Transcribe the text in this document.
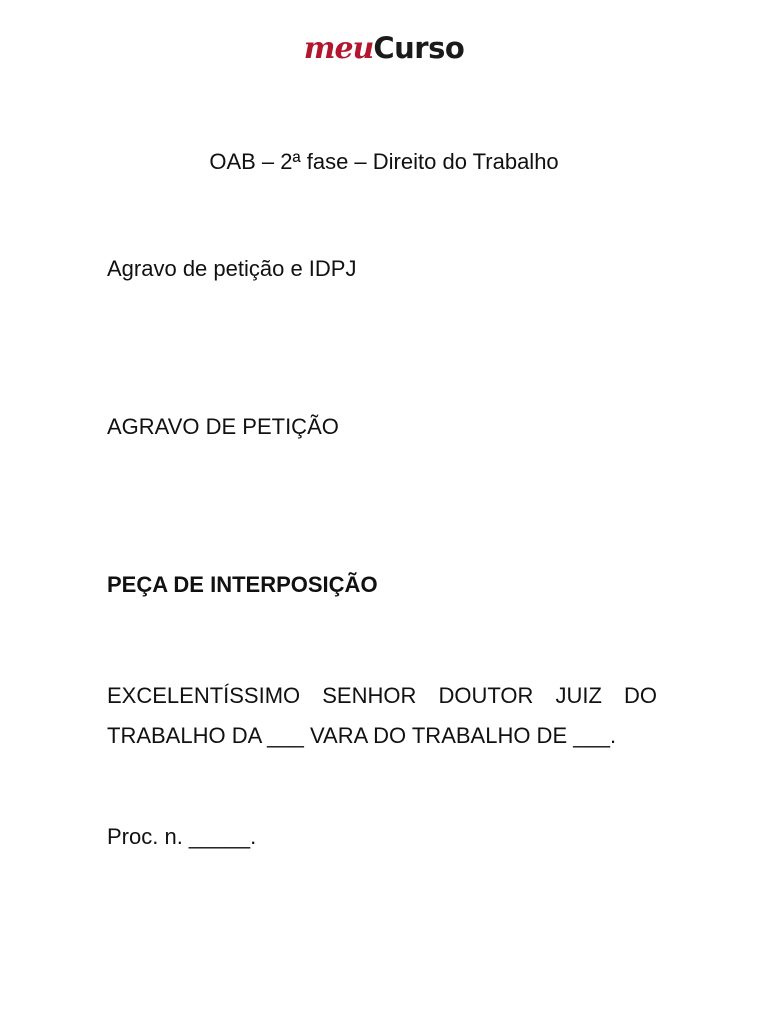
meuCurso
OAB – 2ª fase – Direito do Trabalho
Agravo de petição e IDPJ
AGRAVO DE PETIÇÃO
PEÇA DE INTERPOSIÇÃO
EXCELENTÍSSIMO SENHOR DOUTOR JUIZ DO
TRABALHO DA ___ VARA DO TRABALHO DE ___.
Proc. n. _____.
